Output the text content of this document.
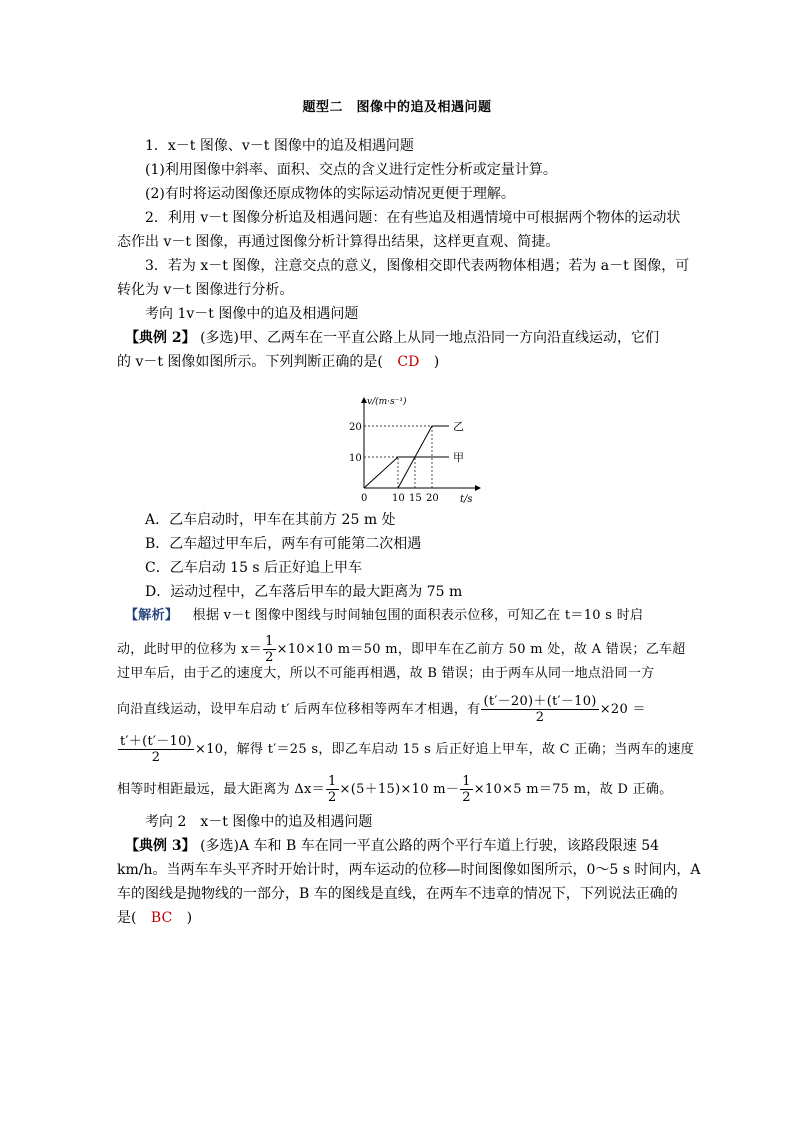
题型二　图像中的追及相遇问题
1．x－t 图像、v－t 图像中的追及相遇问题
(1)利用图像中斜率、面积、交点的含义进行定性分析或定量计算。
(2)有时将运动图像还原成物体的实际运动情况更便于理解。
2．利用 v－t 图像分析追及相遇问题：在有些追及相遇情境中可根据两个物体的运动状
态作出 v－t 图像，再通过图像分析计算得出结果，这样更直观、简捷。
3．若为 x－t 图像，注意交点的意义，图像相交即代表两物体相遇；若为 a－t 图像，可
转化为 v－t 图像进行分析。
考向 1v－t 图像中的追及相遇问题
【典例 2】 (多选)甲、乙两车在一平直公路上从同一地点沿同一方向沿直线运动，它们
的 v－t 图像如图所示。下列判断正确的是( CD )
甲
乙
0 10 15 20
10
20
v/(m·s⁻¹)
t/s
A．乙车启动时，甲车在其前方 25 m 处
B．乙车超过甲车后，两车有可能第二次相遇
C．乙车启动 15 s 后正好追上甲车
D．运动过程中，乙车落后甲车的最大距离为 75 m
【解析】 根据 v－t 图像中图线与时间轴包围的面积表示位移，可知乙在 t＝10 s 时启
动，此时甲的位移为 $x= \frac{1}{2} \times 10\times 10$ m＝50 m，即甲车在乙前方 50 m 处，故 A 错误；乙车超
过甲车后，由于乙的速度大，所以不可能再相遇，故 B 错误；由于两车从同一地点沿同一方
向沿直线运动，设甲车启动 t′ 后两车位移相等两车才相遇，有 $\frac{(t'-20)+(t'-10)}{2} \times 20$ ＝
$\frac{t'+(t'-10)}{2} \times 10$，解得 t′＝25 s，即乙车启动 15 s 后正好追上甲车，故 C 正确；当两车的速度
相等时相距最远，最大距离为 $\Delta x= \frac{1}{2} \times(5+15)\times 10$ $m- \frac{1}{2} \times 10\times 5$ m＝75 m，故 D 正确。
考向 2　x－t 图像中的追及相遇问题
【典例 3】 (多选)A 车和 B 车在同一平直公路的两个平行车道上行驶，该路段限速 54
km/h。当两车车头平齐时开始计时，两车运动的位移—时间图像如图所示，0～5 s 时间内，A
车的图线是抛物线的一部分，B 车的图线是直线，在两车不违章的情况下，下列说法正确的
是( BC )
